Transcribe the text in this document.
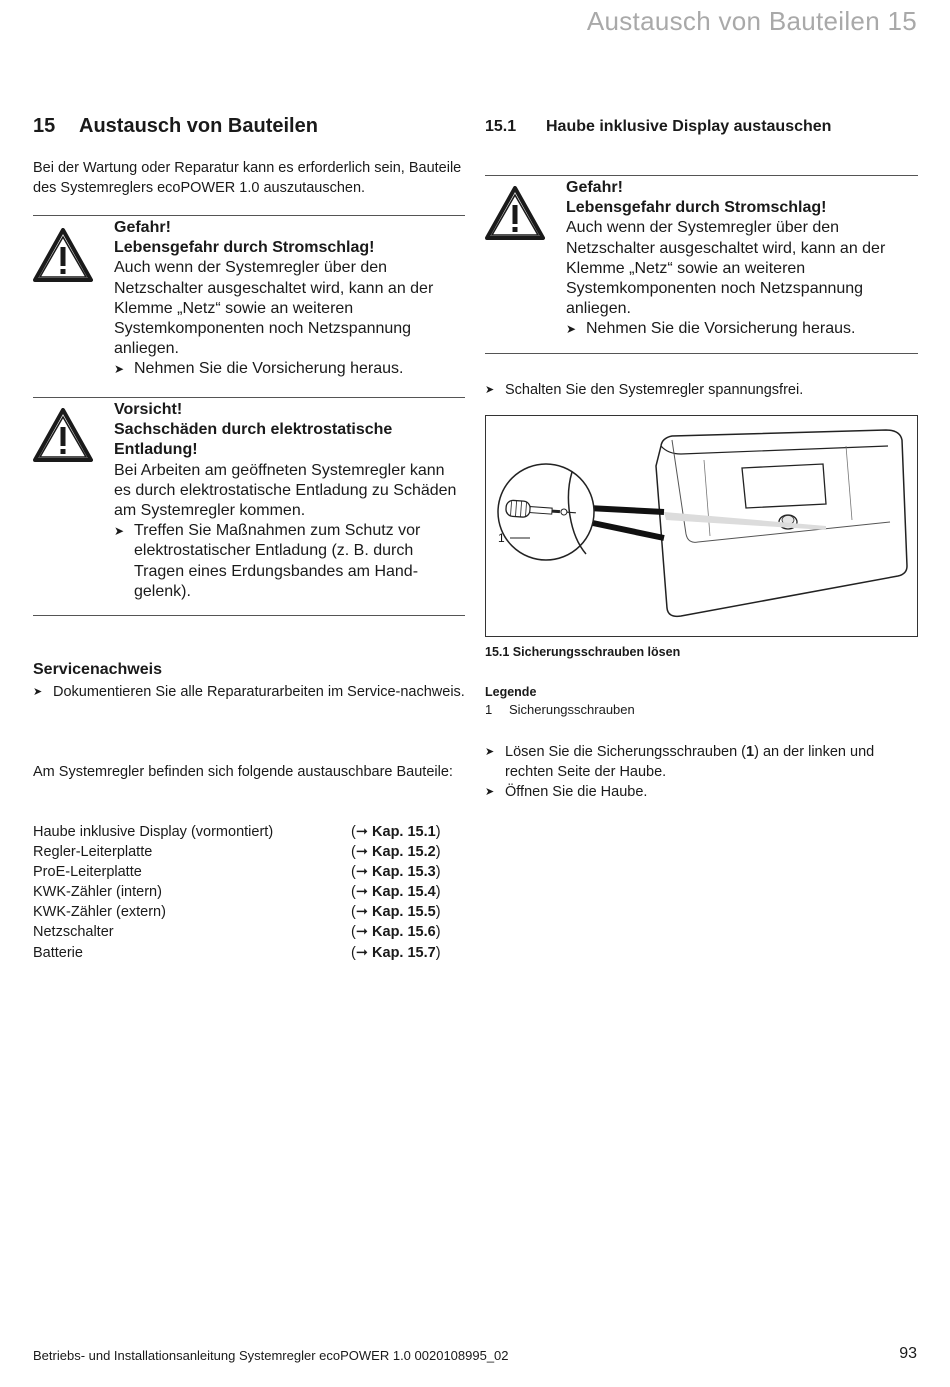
Austausch von Bauteilen 15
15 Austausch von Bauteilen
Bei der Wartung oder Reparatur kann es erforderlich sein, Bauteile des Systemreglers ecoPOWER 1.0 auszutauschen.
Gefahr!
Lebensgefahr durch Stromschlag!
Auch wenn der Systemregler über den Netzschalter ausgeschaltet wird, kann an der Klemme „Netz“ sowie an weiteren Systemkomponenten noch Netzspannung anliegen.
➤ Nehmen Sie die Vorsicherung heraus.
Vorsicht!
Sachschäden durch elektrostatische Entladung!
Bei Arbeiten am geöffneten Systemregler kann es durch elektrostatische Entladung zu Schäden am Systemregler kommen.
➤ Treffen Sie Maßnahmen zum Schutz vor elektrostatischer Entladung (z. B. durch Tragen eines Erdungsbandes am Hand-gelenk).
Servicenachweis
➤ Dokumentieren Sie alle Reparaturarbeiten im Service-nachweis.
Am Systemregler befinden sich folgende austauschbare Bauteile:
Haube inklusive Display (vormontiert)	(➞ Kap. 15.1)
Regler-Leiterplatte	(➞ Kap. 15.2)
ProE-Leiterplatte	(➞ Kap. 15.3)
KWK-Zähler (intern)	(➞ Kap. 15.4)
KWK-Zähler (extern)	(➞ Kap. 15.5)
Netzschalter	(➞ Kap. 15.6)
Batterie	(➞ Kap. 15.7)
15.1 Haube inklusive Display austauschen
Gefahr!
Lebensgefahr durch Stromschlag!
Auch wenn der Systemregler über den Netzschalter ausgeschaltet wird, kann an der Klemme „Netz“ sowie an weiteren Systemkomponenten noch Netzspannung anliegen.
➤ Nehmen Sie die Vorsicherung heraus.
➤ Schalten Sie den Systemregler spannungsfrei.
1
15.1 Sicherungsschrauben lösen
Legende
1 Sicherungsschrauben
➤ Lösen Sie die Sicherungsschrauben (1) an der linken und rechten Seite der Haube.
➤ Öffnen Sie die Haube.
Betriebs- und Installationsanleitung Systemregler ecoPOWER 1.0 0020108995_02	93
